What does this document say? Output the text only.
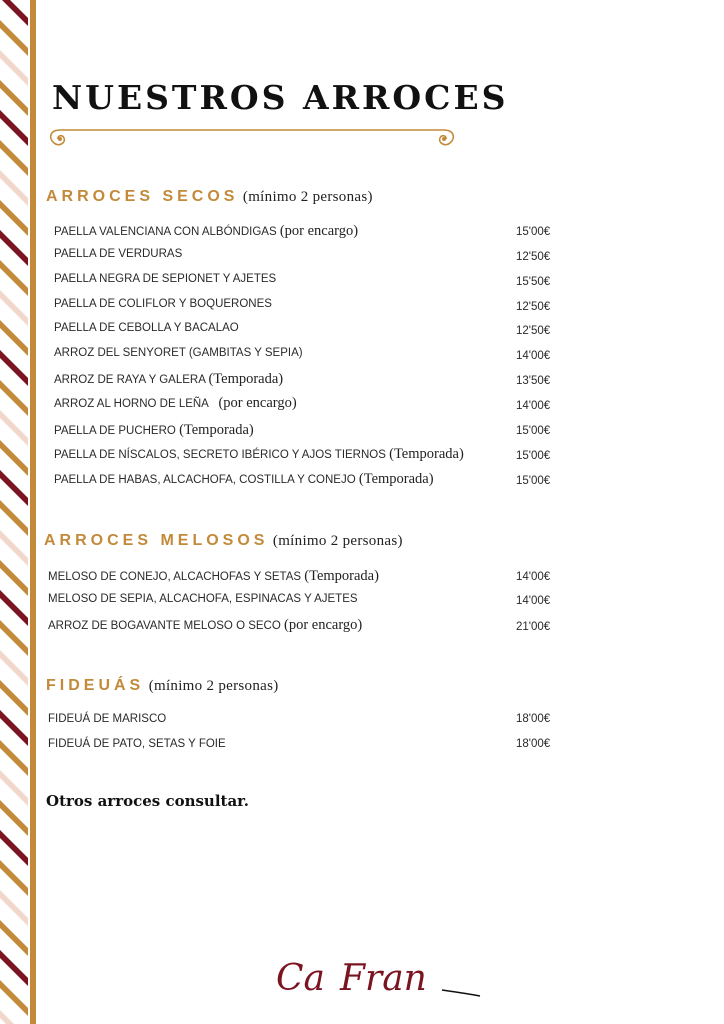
NUESTROS ARROCES
ARROCES SECOS (mínimo 2 personas)
PAELLA VALENCIANA CON ALBÓNDIGAS (por encargo)	15'00€
PAELLA DE VERDURAS	12'50€
PAELLA NEGRA DE SEPIONET Y AJETES	15'50€
PAELLA DE COLIFLOR Y BOQUERONES	12'50€
PAELLA DE CEBOLLA Y BACALAO	12'50€
ARROZ DEL SENYORET (GAMBITAS Y SEPIA)	14'00€
ARROZ DE RAYA Y GALERA (Temporada)	13'50€
ARROZ AL HORNO DE LEÑA (por encargo)	14'00€
PAELLA DE PUCHERO (Temporada)	15'00€
PAELLA DE NÍSCALOS, SECRETO IBÉRICO Y AJOS TIERNOS (Temporada)	15'00€
PAELLA DE HABAS, ALCACHOFA, COSTILLA Y CONEJO (Temporada)	15'00€
ARROCES MELOSOS (mínimo 2 personas)
MELOSO DE CONEJO, ALCACHOFAS Y SETAS (Temporada)	14'00€
MELOSO DE SEPIA, ALCACHOFA, ESPINACAS Y AJETES	14'00€
ARROZ DE BOGAVANTE MELOSO O SECO (por encargo)	21'00€
FIDEUÁS (mínimo 2 personas)
FIDEUÁ DE MARISCO	18'00€
FIDEUÁ DE PATO, SETAS Y FOIE	18'00€
Otros arroces consultar.
Ca Fran
